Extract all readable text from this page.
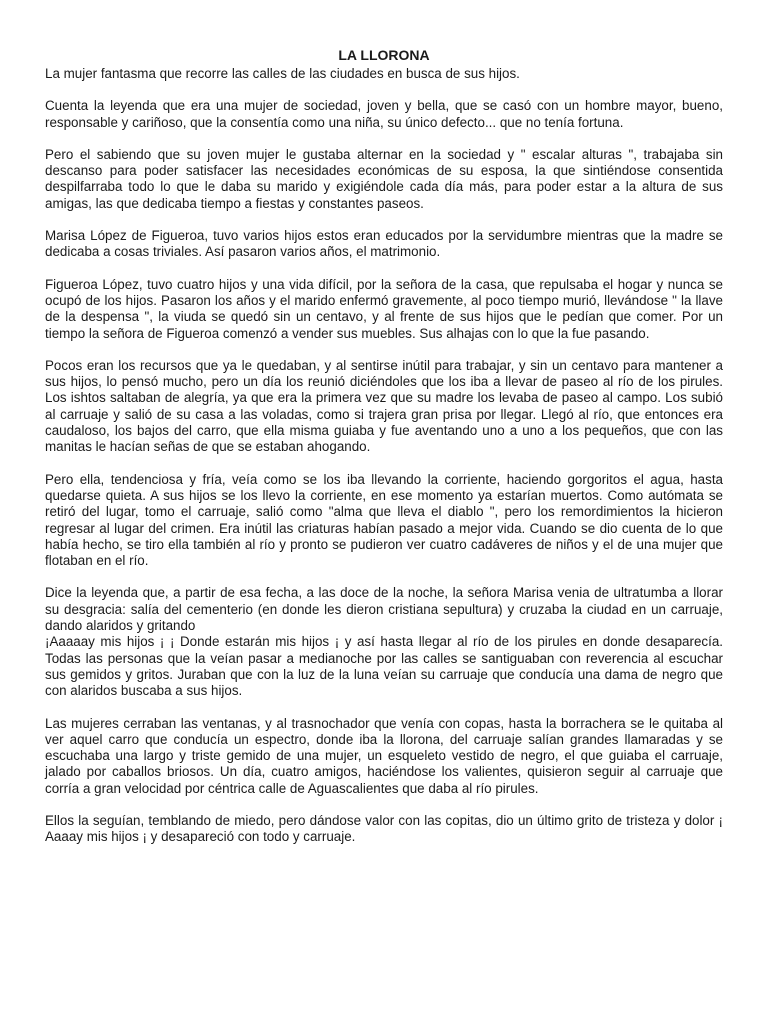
LA LLORONA

La mujer fantasma que recorre las calles de las ciudades en busca de sus hijos.

Cuenta la leyenda que era una mujer de sociedad, joven y bella, que se casó con un hombre mayor, bueno, responsable y cariñoso, que la consentía como una niña, su único defecto... que no tenía fortuna.

Pero el sabiendo que su joven mujer le gustaba alternar en la sociedad y " escalar alturas ", trabajaba sin descanso para poder satisfacer las necesidades económicas de su esposa, la que sintiéndose consentida despilfarraba todo lo que le daba su marido y exigiéndole cada día más, para poder estar a la altura de sus amigas, las que dedicaba tiempo a fiestas y constantes paseos.

Marisa López de Figueroa, tuvo varios hijos estos eran educados por la servidumbre mientras que la madre se dedicaba a cosas triviales. Así pasaron varios años, el matrimonio.

Figueroa López, tuvo cuatro hijos y una vida difícil, por la señora de la casa, que repulsaba el hogar y nunca se ocupó de los hijos. Pasaron los años y el marido enfermó gravemente, al poco tiempo murió, llevándose " la llave de la despensa ", la viuda se quedó sin un centavo, y al frente de sus hijos que le pedían que comer. Por un tiempo la señora de Figueroa comenzó a vender sus muebles. Sus alhajas con lo que la fue pasando.

Pocos eran los recursos que ya le quedaban, y al sentirse inútil para trabajar, y sin un centavo para mantener a sus hijos, lo pensó mucho, pero un día los reunió diciéndoles que los iba a llevar de paseo al río de los pirules. Los ishtos saltaban de alegría, ya que era la primera vez que su madre los levaba de paseo al campo. Los subió al carruaje y salió de su casa a las voladas, como si trajera gran prisa por llegar. Llegó al río, que entonces era caudaloso, los bajos del carro, que ella misma guiaba y fue aventando uno a uno a los pequeños, que con las manitas le hacían señas de que se estaban ahogando.

Pero ella, tendenciosa y fría, veía como se los iba llevando la corriente, haciendo gorgoritos el agua, hasta quedarse quieta. A sus hijos se los llevo la corriente, en ese momento ya estarían muertos. Como autómata se retiró del lugar, tomo el carruaje, salió como "alma que lleva el diablo ", pero los remordimientos la hicieron regresar al lugar del crimen. Era inútil las criaturas habían pasado a mejor vida. Cuando se dio cuenta de lo que había hecho, se tiro ella también al río y pronto se pudieron ver cuatro cadáveres de niños y el de una mujer que flotaban en el río.

Dice la leyenda que, a partir de esa fecha, a las doce de la noche, la señora Marisa venia de ultratumba a llorar su desgracia: salía del cementerio (en donde les dieron cristiana sepultura) y cruzaba la ciudad en un carruaje, dando alaridos y gritando

¡Aaaaay mis hijos ¡ ¡ Donde estarán mis hijos ¡ y así hasta llegar al río de los pirules en donde desaparecía. Todas las personas que la veían pasar a medianoche por las calles se santiguaban con reverencia al escuchar sus gemidos y gritos. Juraban que con la luz de la luna veían su carruaje que conducía una dama de negro que con alaridos buscaba a sus hijos.

Las mujeres cerraban las ventanas, y al trasnochador que venía con copas, hasta la borrachera se le quitaba al ver aquel carro que conducía un espectro, donde iba la llorona, del carruaje salían grandes llamaradas y se escuchaba una largo y triste gemido de una mujer, un esqueleto vestido de negro, el que guiaba el carruaje, jalado por caballos briosos. Un día, cuatro amigos, haciéndose los valientes, quisieron seguir al carruaje que corría a gran velocidad por céntrica calle de Aguascalientes que daba al río pirules.

Ellos la seguían, temblando de miedo, pero dándose valor con las copitas, dio un último grito de tristeza y dolor ¡ Aaaay mis hijos ¡ y desapareció con todo y carruaje.
